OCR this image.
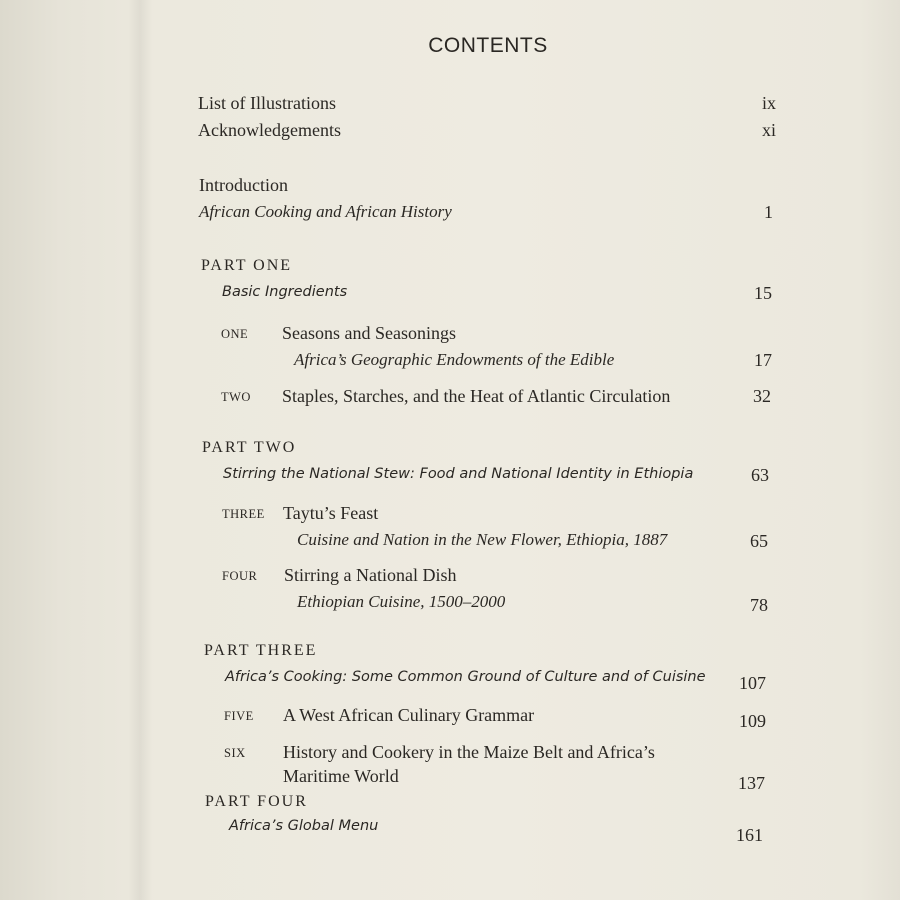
CONTENTS
List of Illustrations	ix
Acknowledgements	xi
Introduction
African Cooking and African History	1
PART ONE
Basic Ingredients	15
ONE Seasons and Seasonings
Africa’s Geographic Endowments of the Edible	17
TWO Staples, Starches, and the Heat of Atlantic Circulation	32
PART TWO
Stirring the National Stew: Food and National Identity in Ethiopia	63
THREE Taytu’s Feast
Cuisine and Nation in the New Flower, Ethiopia, 1887	65
FOUR Stirring a National Dish
Ethiopian Cuisine, 1500–2000	78
PART THREE
Africa’s Cooking: Some Common Ground of Culture and of Cuisine	107
FIVE A West African Culinary Grammar	109
SIX History and Cookery in the Maize Belt and Africa’s
Maritime World	137
PART FOUR
Africa’s Global Menu	161
